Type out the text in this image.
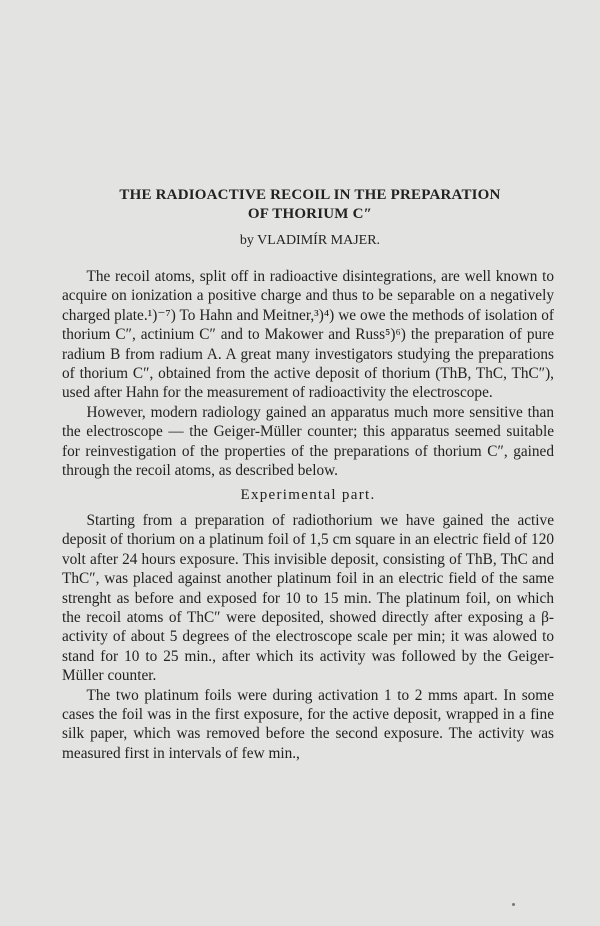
THE RADIOACTIVE RECOIL IN THE PREPARATION
OF THORIUM C″
by VLADIMÍR MAJER.

The recoil atoms, split off in radioactive disintegrations, are well known to acquire on ionization a positive charge and thus to be separable on a negatively charged plate.¹)⁻⁷) To Hahn and Meitner,³)⁴) we owe the methods of isolation of thorium C″, actinium C″ and to Makower and Russ⁵)⁶) the preparation of pure radium B from radium A. A great many investigators studying the preparations of thorium C″, obtained from the active deposit of thorium (ThB, ThC, ThC″), used after Hahn for the measurement of radioactivity the electroscope.

However, modern radiology gained an apparatus much more sensitive than the electroscope — the Geiger-Müller counter; this apparatus seemed suitable for reinvestigation of the properties of the preparations of thorium C″, gained through the recoil atoms, as described below.

Experimental part.

Starting from a preparation of radiothorium we have gained the active deposit of thorium on a platinum foil of 1,5 cm square in an electric field of 120 volt after 24 hours exposure. This invisible deposit, consisting of ThB, ThC and ThC″, was placed against another platinum foil in an electric field of the same strenght as before and exposed for 10 to 15 min. The platinum foil, on which the recoil atoms of ThC″ were deposited, showed directly after exposing a β-activity of about 5 degrees of the electroscope scale per min; it was alowed to stand for 10 to 25 min., after which its activity was followed by the Geiger-Müller counter.

The two platinum foils were during activation 1 to 2 mms apart. In some cases the foil was in the first exposure, for the active deposit, wrapped in a fine silk paper, which was removed before the second exposure. The activity was measured first in intervals of few min.,
